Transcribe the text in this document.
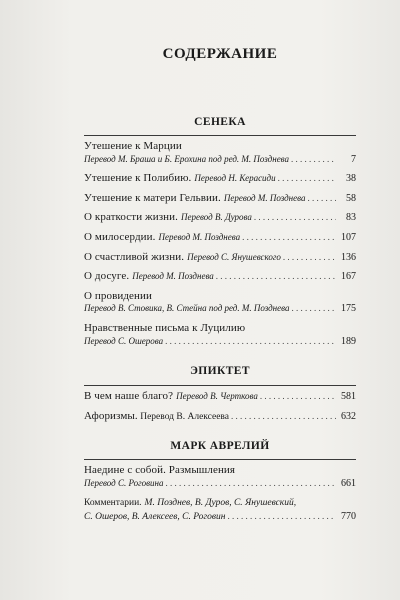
СОДЕРЖАНИЕ
СЕНЕКА
Утешение к Марции
Перевод М. Браша и Б. Ерохина под ред. М. Позднева . . .	7
Утешение к Полибию. Перевод Н. Керасиди . . .	38
Утешение к матери Гельвии. Перевод М. Позднева . . .	58
О краткости жизни. Перевод В. Дурова . . .	83
О милосердии. Перевод М. Позднева . . .	107
О счастливой жизни. Перевод С. Янушевского . . .	136
О досуге. Перевод М. Позднева . . .	167
О провидении
Перевод В. Стовика, В. Стейна под ред. М. Позднева . . .	175
Нравственные письма к Луцилию
Перевод С. Ошерова . . .	189
ЭПИКТЕТ
В чем наше благо? Перевод В. Черткова . . .	581
Афоризмы.
Перевод В. Алексеева . . .	632
МАРК АВРЕЛИЙ
Наедине с собой. Размышления
Перевод С. Роговина . . .	661
Комментарии. М. Позднев, В. Дуров, С. Янушевский,
С. Ошеров, В. Алексеев, С. Роговин . . .	770
